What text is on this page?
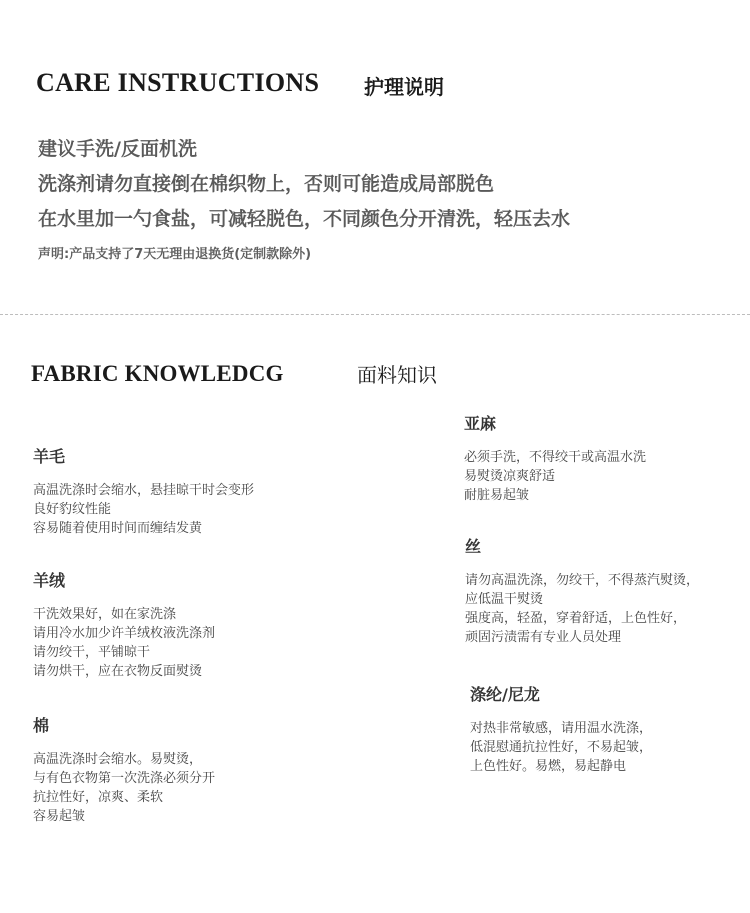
CARE INSTRUCTIONS 护理说明
建议手洗/反面机洗
洗涤剂请勿直接倒在棉织物上，否则可能造成局部脱色
在水里加一勺食盐，可减轻脱色，不同颜色分开清洗，轻压去水
声明:产品支持了7天无理由退换货(定制款除外)
FABRIC KNOWLEDCG	面料知识
羊毛
高温洗涤时会缩水，悬挂晾干时会变形
良好豹纹性能
容易随着使用时间而缠结发黄
羊绒
干洗效果好，如在家洗涤
请用冷水加少许羊绒枚液洗涤剂
请勿绞干，平铺晾干
请勿烘干，应在衣物反面熨烫
棉
高温洗涤时会缩水。易熨烫，
与有色衣物第一次洗涤必须分开
抗拉性好，凉爽、柔软
容易起皱
亚麻
必须手洗，不得绞干或高温水洗
易熨烫凉爽舒适
耐脏易起皱
丝
请勿高温洗涤，勿绞干，不得蒸汽熨烫，
应低温干熨烫
强度高，轻盈，穿着舒适，上色性好，
顽固污渍需有专业人员处理
涤纶/尼龙
对热非常敏感，请用温水洗涤，
低混慰通抗拉性好，不易起皱，
上色性好。易燃，易起静电
